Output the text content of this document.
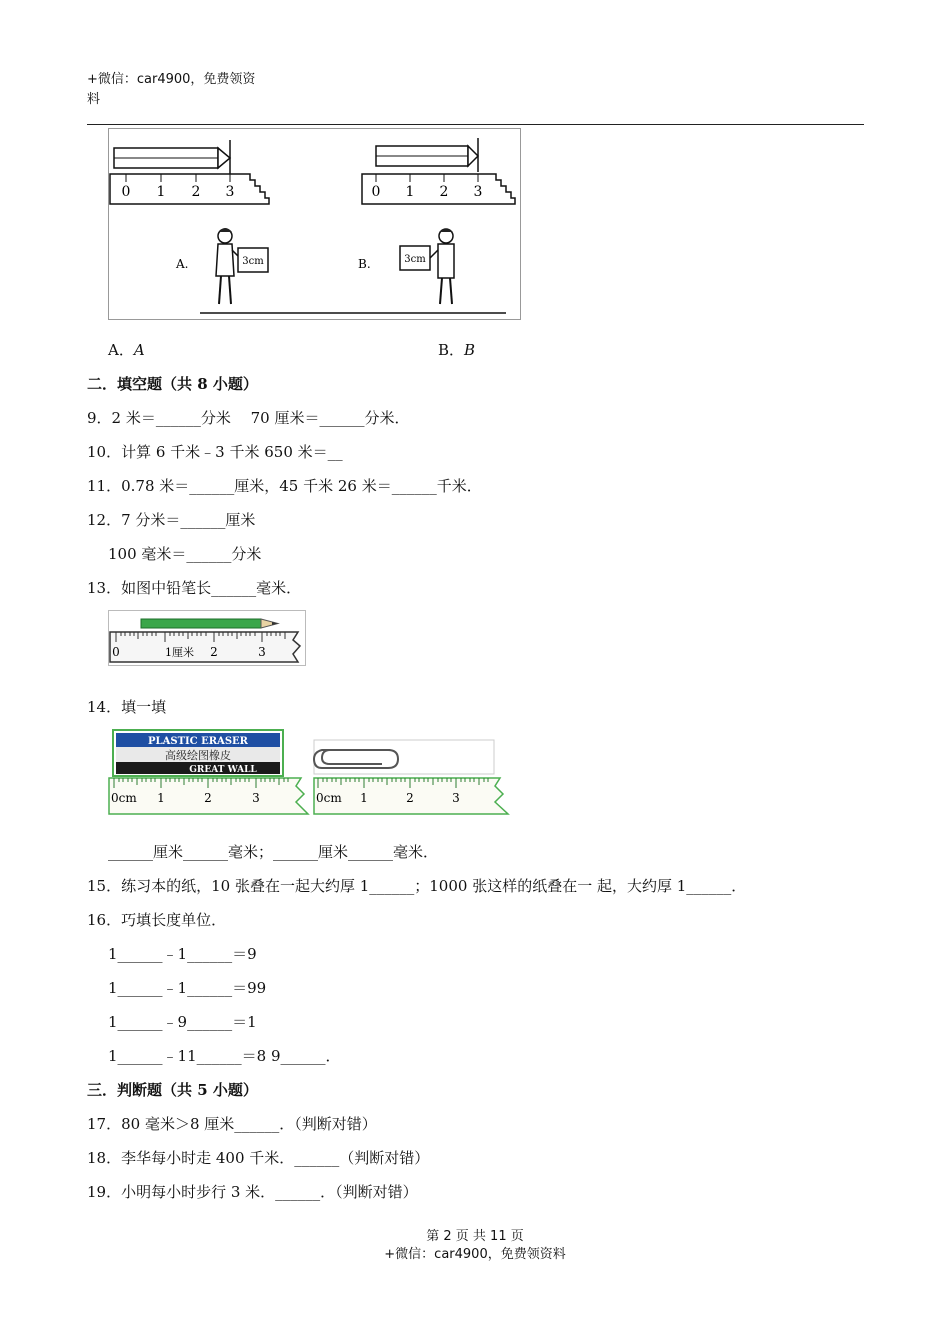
+微信：car4900，免费领资
料
0 1 2 3	0 1 2 3
A.	3cm	B.	3cm
A．A	B．B
二．填空题（共 8 小题）
9．2 米＝______分米　 70 厘米＝______分米．
10．计算 6 千米﹣3 千米 650 米＝__
11．0.78 米＝______厘米，45 千米 26 米＝______千米．
12．7 分米＝______厘米
100 毫米＝______分米
13．如图中铅笔长______毫米．
0	1厘米 2	3
14．填一填
PLASTIC ERASER
高级绘图橡皮
GREAT WALL
0cm 1	2	3	0cm 1	2	3
______厘米______毫米；______厘米______毫米．
15．练习本的纸，10 张叠在一起大约厚 1______；1000 张这样的纸叠在一 起，大约厚 1______．
16．巧填长度单位．
1______﹣1______＝9
1______﹣1______＝99
1______﹣9______＝1
1______﹣11______＝8 9______．
三．判断题（共 5 小题）
17．80 毫米＞8 厘米______．（判断对错）
18．李华每小时走 400 千米．______（判断对错）
19．小明每小时步行 3 米．______．（判断对错）
第 2 页 共 11 页
+微信：car4900，免费领资料
